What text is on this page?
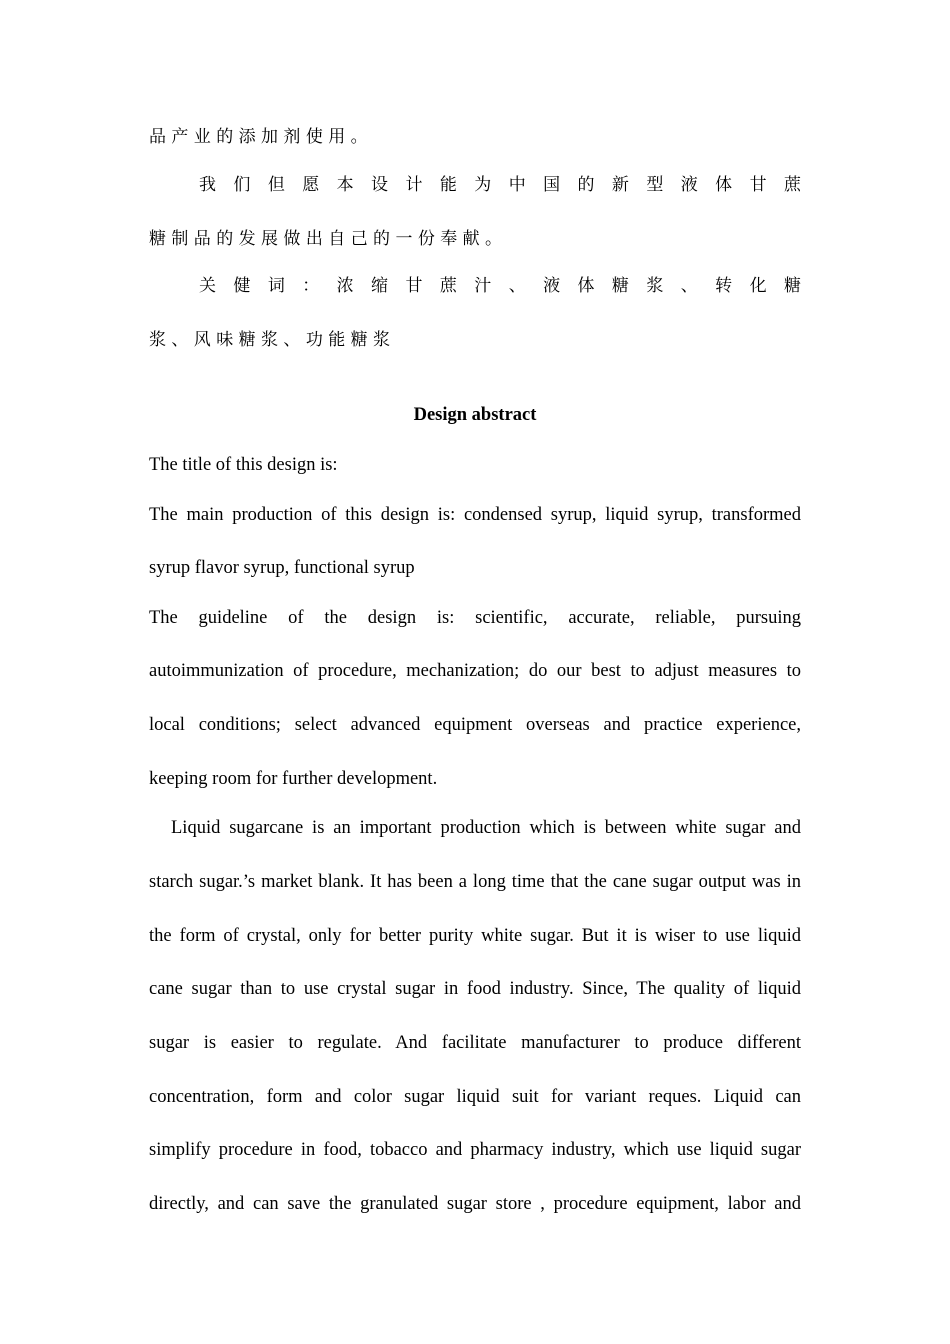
品 产 业 的 添 加 剂 使 用 。
我 们 但 愿 本 设 计 能 为 中 国 的 新 型 液 体 甘 蔗
糖 制 品 的 发 展 做 出 自 己 的 一 份 奉 献 。
关 健 词 ： 浓 缩 甘 蔗 汁 、 液 体 糖 浆 、 转 化 糖
浆 、 风 味 糖 浆 、 功 能 糖 浆
Design abstract
The title of this design is:
The main production of this design is: condensed syrup, liquid syrup, transformed
syrup flavor syrup, functional syrup
The guideline of the design is: scientific, accurate, reliable, pursuing
autoimmunization of procedure, mechanization; do our best to adjust measures to
local conditions; select advanced equipment overseas and practice experience,
keeping room for further development.
Liquid sugarcane is an important production which is between white sugar and
starch sugar.’s market blank. It has been a long time that the cane sugar output was in
the form of crystal, only for better purity white sugar. But it is wiser to use liquid
cane sugar than to use crystal sugar in food industry. Since, The quality of liquid
sugar is easier to regulate. And facilitate manufacturer to produce different
concentration, form and color sugar liquid suit for variant reques. Liquid can
simplify procedure in food, tobacco and pharmacy industry, which use liquid sugar
directly, and can save the granulated sugar store , procedure equipment, labor and
